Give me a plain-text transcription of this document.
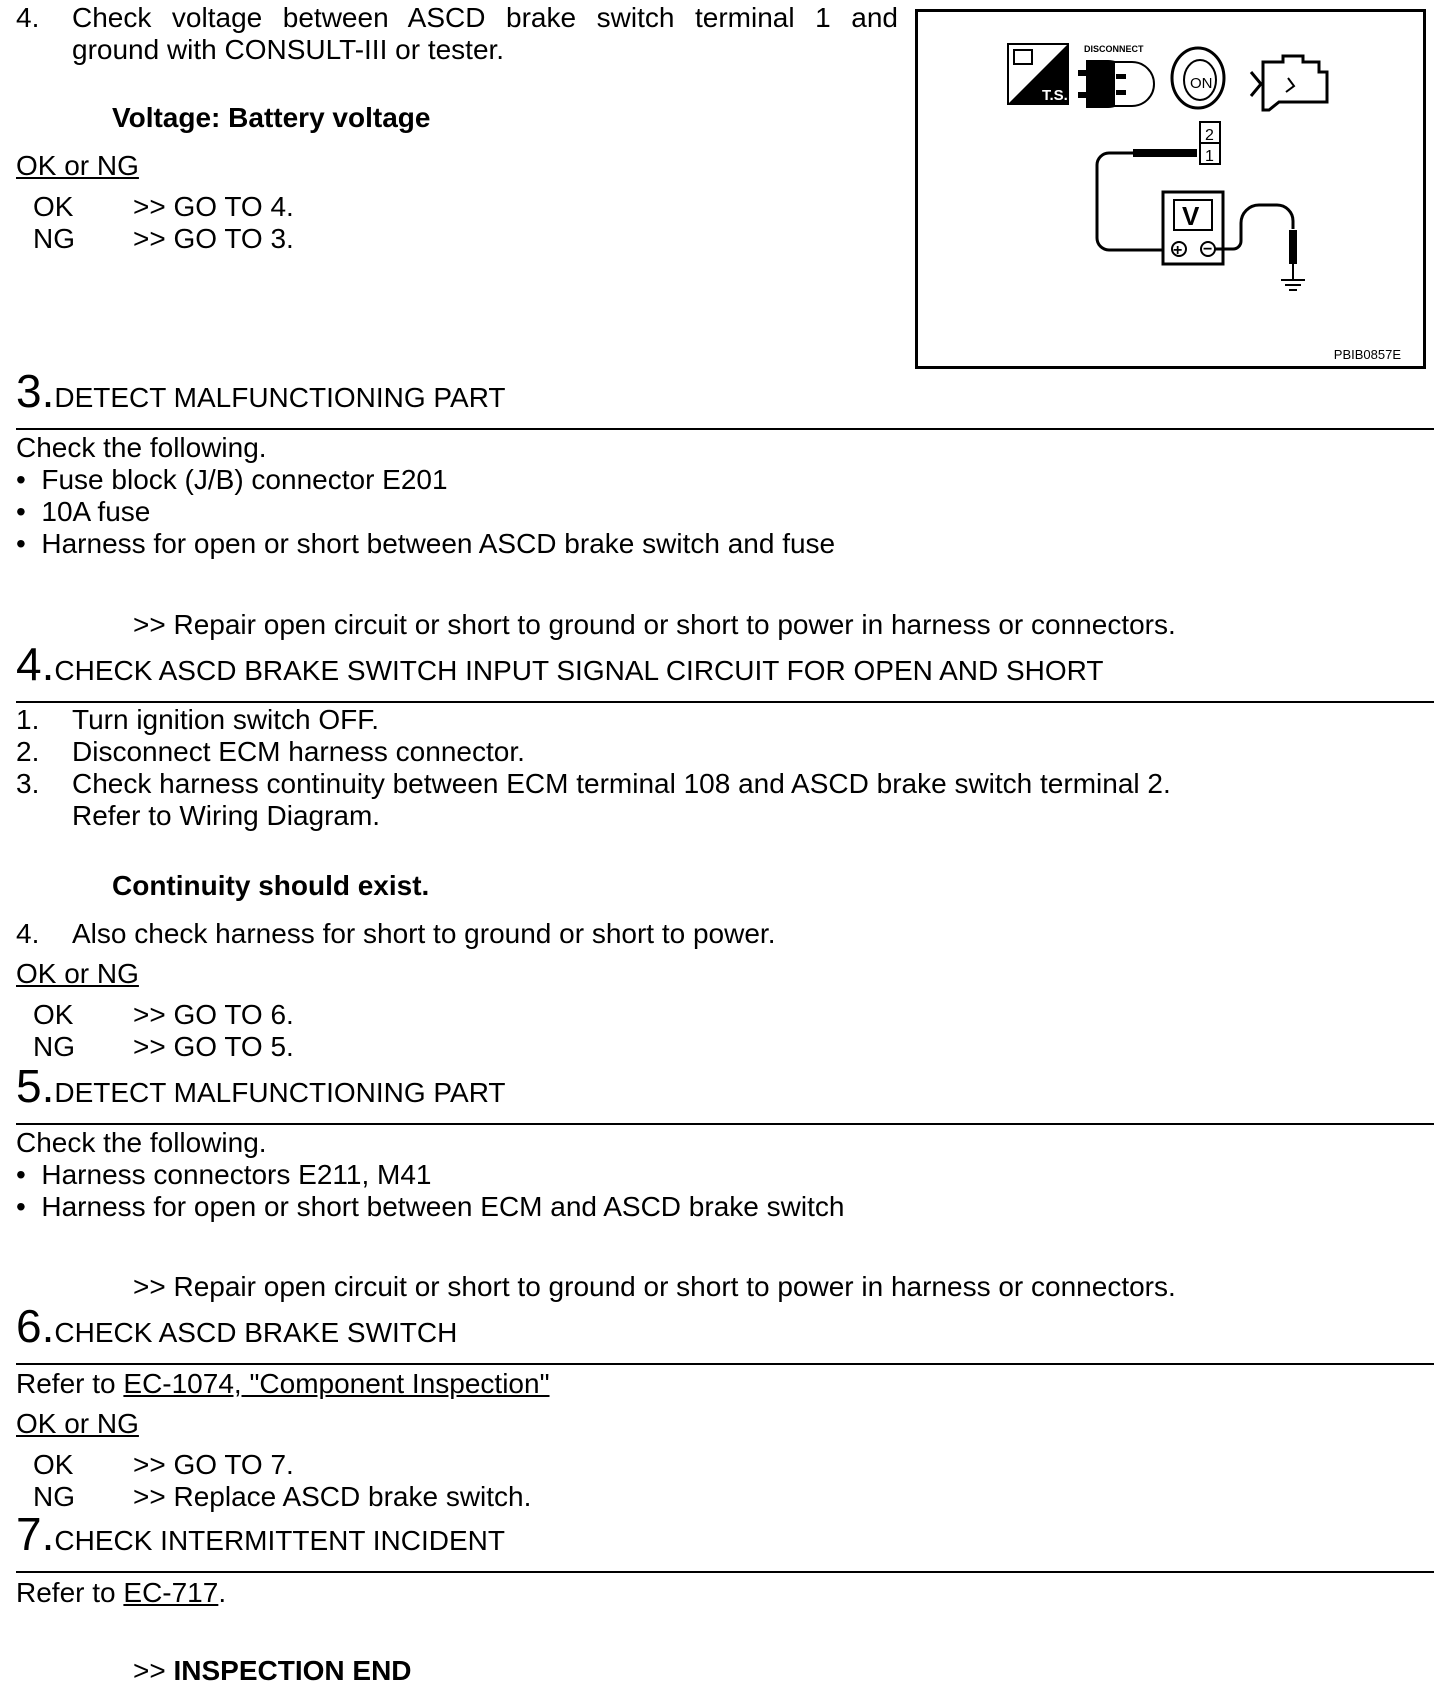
4. Check voltage between ASCD brake switch terminal 1 and
ground with CONSULT-III or tester.
Voltage: Battery voltage
OK or NG
OK >> GO TO 4.
NG >> GO TO 3.
T.S.
DISCONNECT
ON
2
1
V
+ −
PBIB0857E
3.DETECT MALFUNCTIONING PART
Check the following.
•  Fuse block (J/B) connector E201
•  10A fuse
•  Harness for open or short between ASCD brake switch and fuse
>> Repair open circuit or short to ground or short to power in harness or connectors.
4.CHECK ASCD BRAKE SWITCH INPUT SIGNAL CIRCUIT FOR OPEN AND SHORT
1. Turn ignition switch OFF.
2. Disconnect ECM harness connector.
3. Check harness continuity between ECM terminal 108 and ASCD brake switch terminal 2.
Refer to Wiring Diagram.
Continuity should exist.
4. Also check harness for short to ground or short to power.
OK or NG
OK >> GO TO 6.
NG >> GO TO 5.
5.DETECT MALFUNCTIONING PART
Check the following.
•  Harness connectors E211, M41
•  Harness for open or short between ECM and ASCD brake switch
>> Repair open circuit or short to ground or short to power in harness or connectors.
6.CHECK ASCD BRAKE SWITCH
Refer to EC-1074, "Component Inspection"
OK or NG
OK >> GO TO 7.
NG >> Replace ASCD brake switch.
7.CHECK INTERMITTENT INCIDENT
Refer to EC-717.
>> INSPECTION END
